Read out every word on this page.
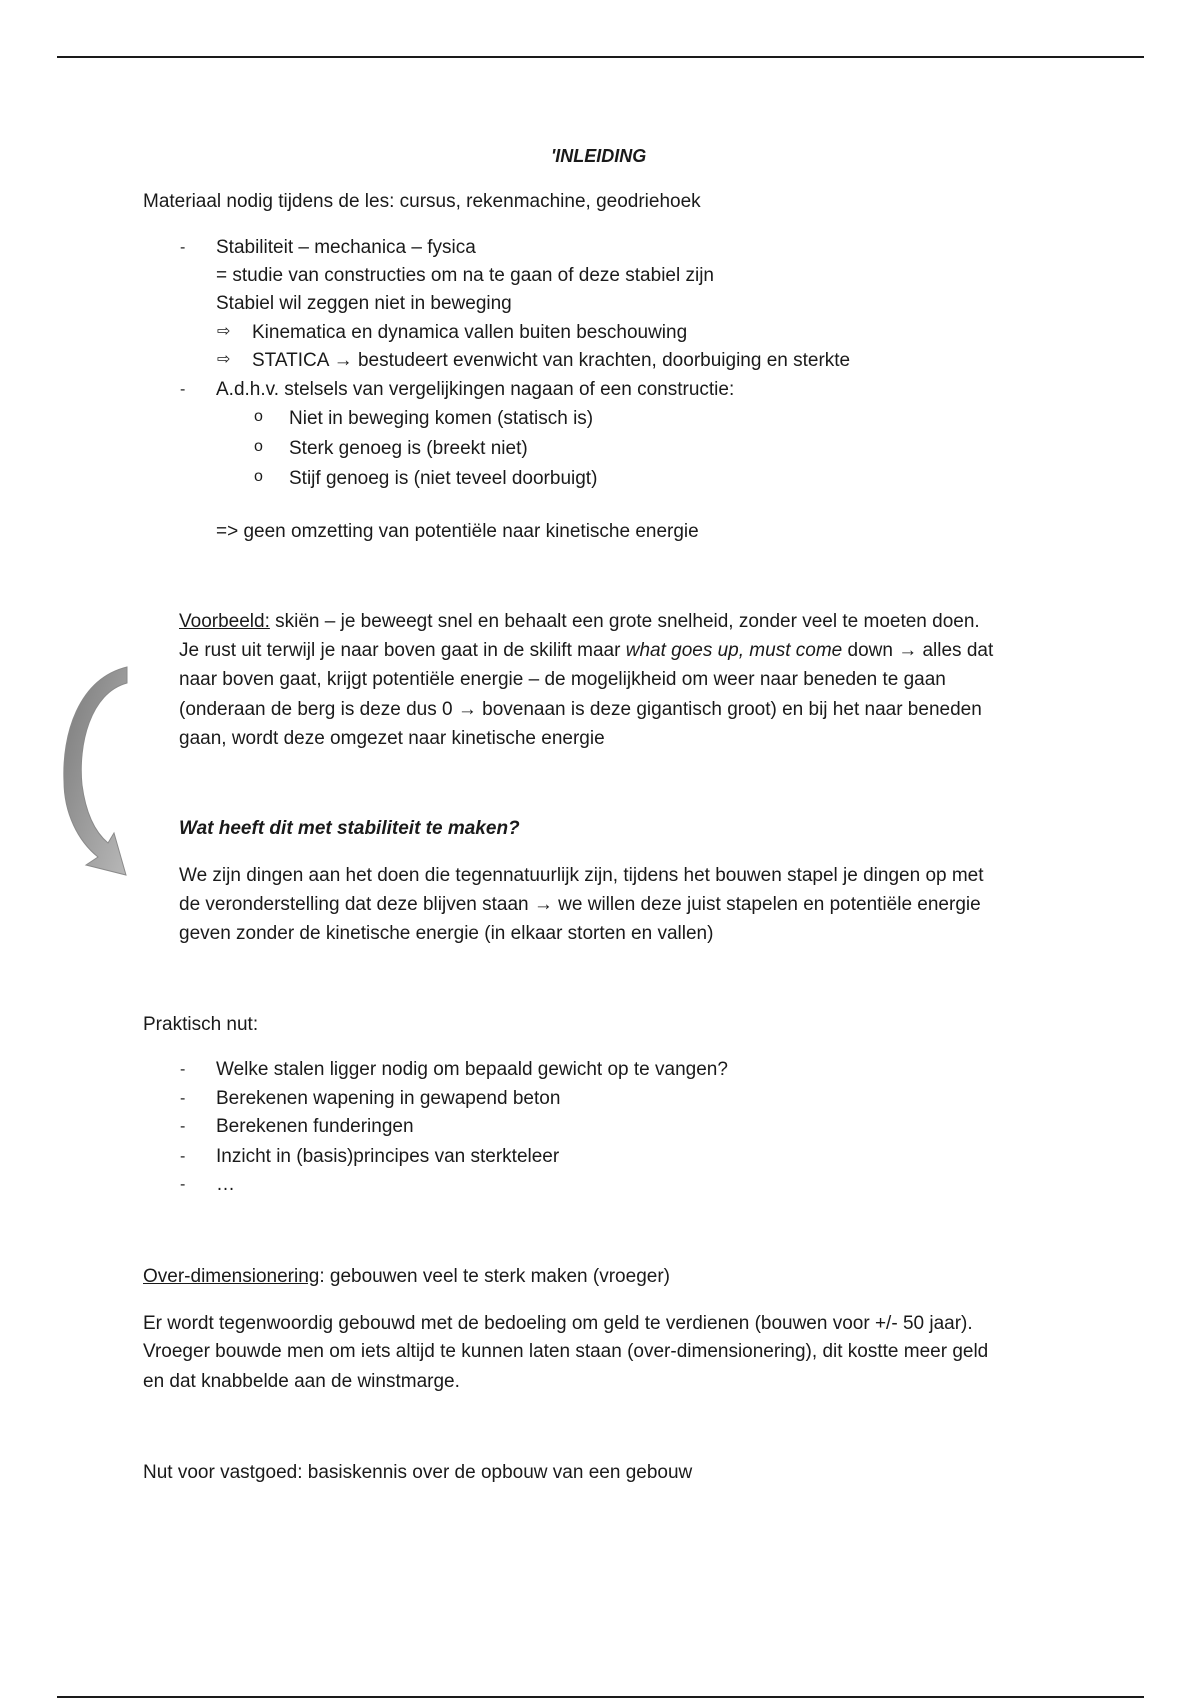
'INLEIDING
Materiaal nodig tijdens de les: cursus, rekenmachine, geodriehoek
- Stabiliteit – mechanica – fysica
= studie van constructies om na te gaan of deze stabiel zijn
Stabiel wil zeggen niet in beweging
⇨ Kinematica en dynamica vallen buiten beschouwing
⇨ STATICA → bestudeert evenwicht van krachten, doorbuiging en sterkte
- A.d.h.v. stelsels van vergelijkingen nagaan of een constructie:
o Niet in beweging komen (statisch is)
o Sterk genoeg is (breekt niet)
o Stijf genoeg is (niet teveel doorbuigt)
=> geen omzetting van potentiële naar kinetische energie
Voorbeeld: skiën – je beweegt snel en behaalt een grote snelheid, zonder veel te moeten doen.
Je rust uit terwijl je naar boven gaat in de skilift maar what goes up, must come down → alles dat
naar boven gaat, krijgt potentiële energie – de mogelijkheid om weer naar beneden te gaan
(onderaan de berg is deze dus 0 → bovenaan is deze gigantisch groot) en bij het naar beneden
gaan, wordt deze omgezet naar kinetische energie
Wat heeft dit met stabiliteit te maken?
We zijn dingen aan het doen die tegennatuurlijk zijn, tijdens het bouwen stapel je dingen op met
de veronderstelling dat deze blijven staan → we willen deze juist stapelen en potentiële energie
geven zonder de kinetische energie (in elkaar storten en vallen)
Praktisch nut:
- Welke stalen ligger nodig om bepaald gewicht op te vangen?
- Berekenen wapening in gewapend beton
- Berekenen funderingen
- Inzicht in (basis)principes van sterkteleer
- …
Over-dimensionering: gebouwen veel te sterk maken (vroeger)
Er wordt tegenwoordig gebouwd met de bedoeling om geld te verdienen (bouwen voor +/- 50 jaar).
Vroeger bouwde men om iets altijd te kunnen laten staan (over-dimensionering), dit kostte meer geld
en dat knabbelde aan de winstmarge.
Nut voor vastgoed: basiskennis over de opbouw van een gebouw
